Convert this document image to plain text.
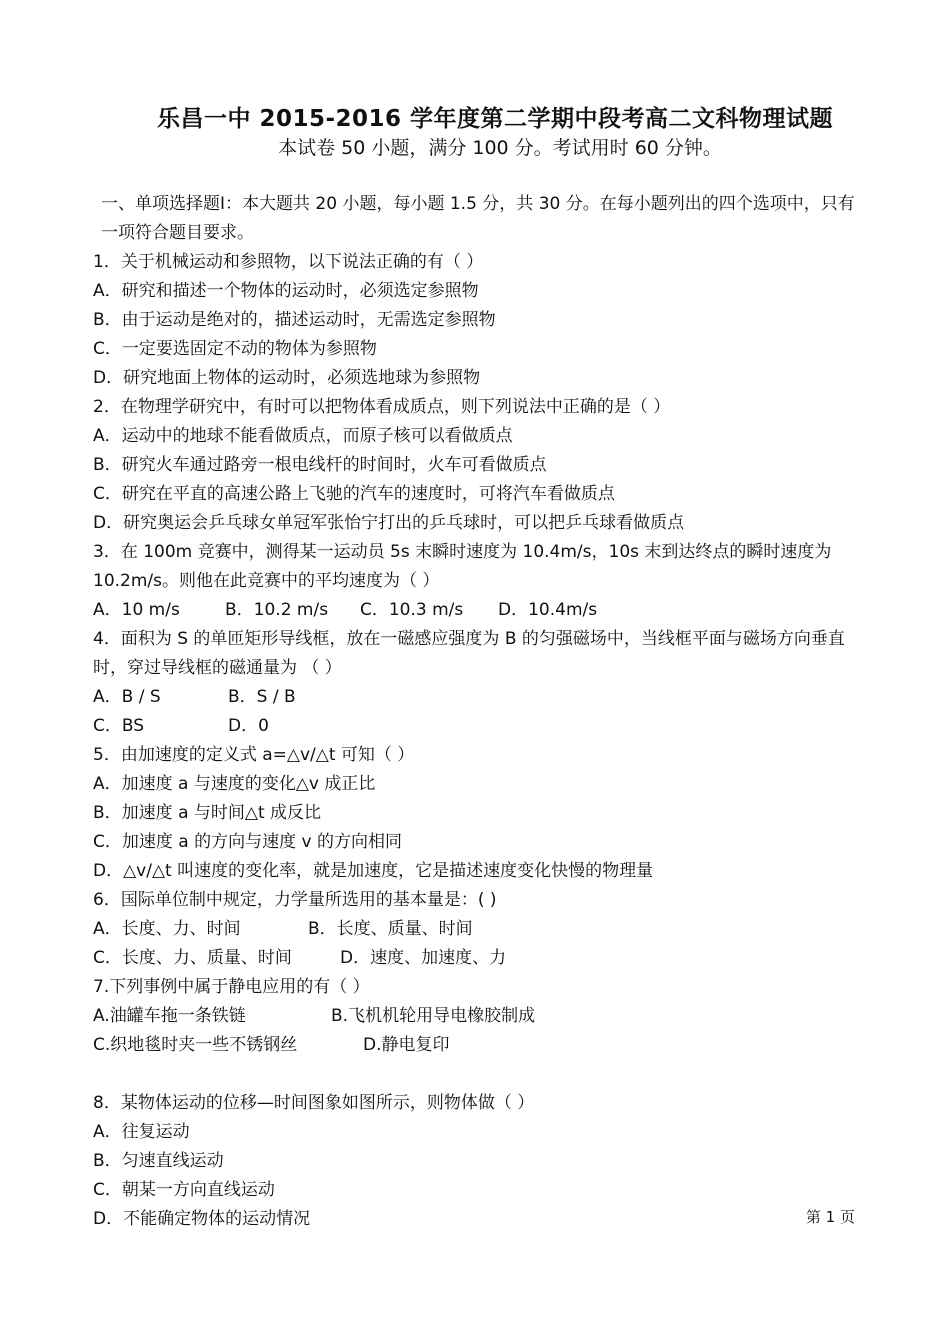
乐昌一中 2015-2016 学年度第二学期中段考高二文科物理试题
本试卷 50 小题，满分 100 分。考试用时 60 分钟。
一、单项选择题Ⅰ：本大题共 20 小题，每小题 1.5 分，共 30 分。在每小题列出的四个选项中，只有一项符合题目要求。
1．关于机械运动和参照物，以下说法正确的有（ ）
A．研究和描述一个物体的运动时，必须选定参照物
B．由于运动是绝对的，描述运动时，无需选定参照物
C．一定要选固定不动的物体为参照物
D．研究地面上物体的运动时，必须选地球为参照物
2．在物理学研究中，有时可以把物体看成质点，则下列说法中正确的是（ ）
A．运动中的地球不能看做质点，而原子核可以看做质点
B．研究火车通过路旁一根电线杆的时间时，火车可看做质点
C．研究在平直的高速公路上飞驰的汽车的速度时，可将汽车看做质点
D．研究奥运会乒乓球女单冠军张怡宁打出的乒乓球时，可以把乒乓球看做质点
3．在 100m 竞赛中，测得某一运动员 5s 末瞬时速度为 10.4m/s，10s 末到达终点的瞬时速度为 10.2m/s。则他在此竞赛中的平均速度为（ ）
A．10 m/s	B．10.2 m/s	C．10.3 m/s	D．10.4m/s
4．面积为 S 的单匝矩形导线框，放在一磁感应强度为 B 的匀强磁场中，当线框平面与磁场方向垂直时，穿过导线框的磁通量为 （ ）
A．B / S	B．S / B
C．BS	D．0
5．由加速度的定义式 a=△v/△t 可知（ ）
A．加速度 a 与速度的变化△v 成正比
B．加速度 a 与时间△t 成反比
C．加速度 a 的方向与速度 v 的方向相同
D．△v/△t 叫速度的变化率，就是加速度，它是描述速度变化快慢的物理量
6．国际单位制中规定，力学量所选用的基本量是：( )
A．长度、力、时间	B．长度、质量、时间
C．长度、力、质量、时间	D．速度、加速度、力
7.下列事例中属于静电应用的有（ ）
A.油罐车拖一条铁链	B.飞机机轮用导电橡胶制成
C.织地毯时夹一些不锈钢丝	D.静电复印
8．某物体运动的位移—时间图象如图所示，则物体做（ ）
A．往复运动
B．匀速直线运动
C．朝某一方向直线运动
D．不能确定物体的运动情况	第 1 页
